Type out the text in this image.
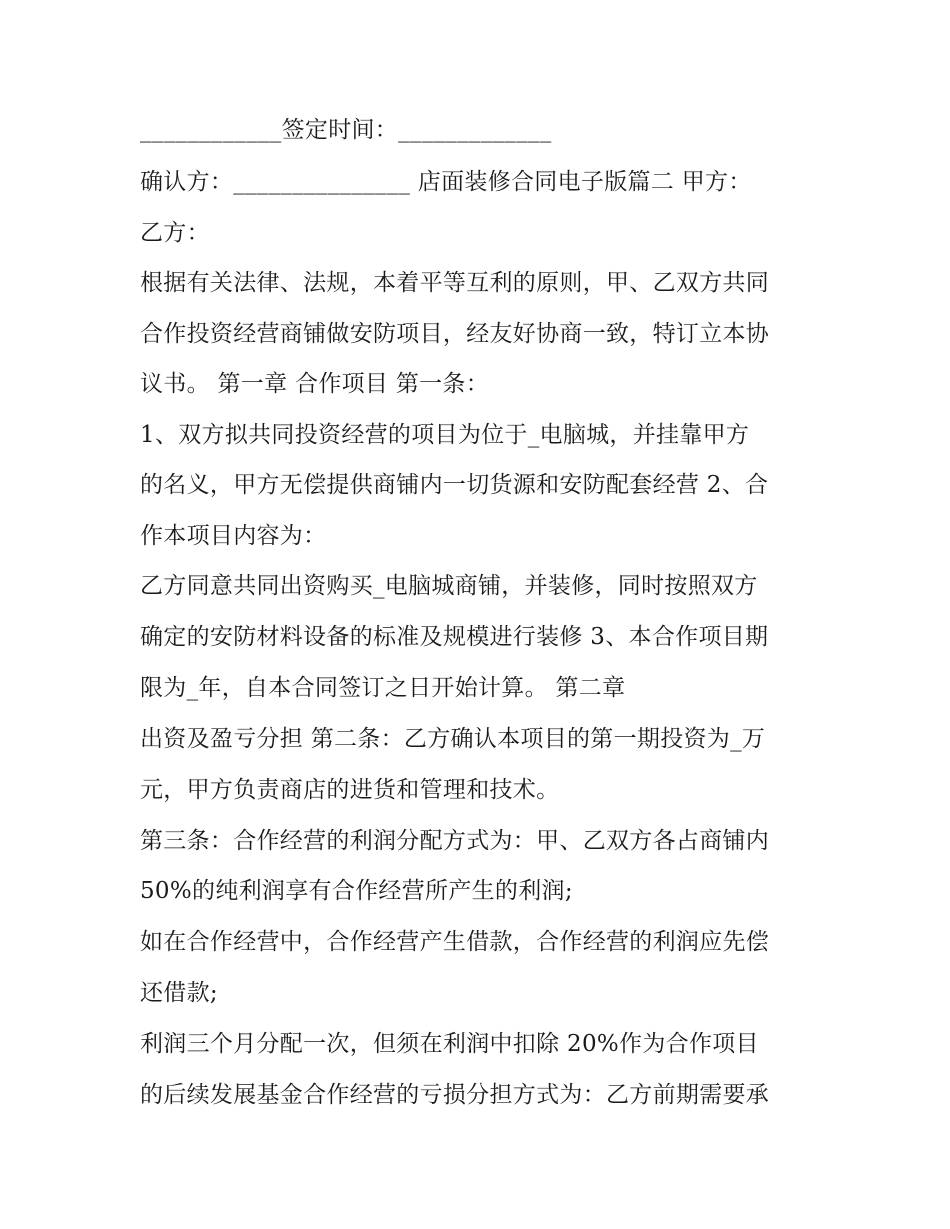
____________签定时间：_____________
确认方：_______________ 店面装修合同电子版篇二 甲方：
乙方：
根据有关法律、法规，本着平等互利的原则，甲、乙双方共同
合作投资经营商铺做安防项目，经友好协商一致，特订立本协
议书。 第一章 合作项目 第一条：
1、双方拟共同投资经营的项目为位于_电脑城，并挂靠甲方
的名义，甲方无偿提供商铺内一切货源和安防配套经营 2、合
作本项目内容为：
乙方同意共同出资购买_电脑城商铺，并装修，同时按照双方
确定的安防材料设备的标准及规模进行装修 3、本合作项目期
限为_年，自本合同签订之日开始计算。 第二章
出资及盈亏分担 第二条：乙方确认本项目的第一期投资为_万
元，甲方负责商店的进货和管理和技术。
第三条：合作经营的利润分配方式为：甲、乙双方各占商铺内
50%的纯利润享有合作经营所产生的利润;
如在合作经营中，合作经营产生借款，合作经营的利润应先偿
还借款;
利润三个月分配一次，但须在利润中扣除 20%作为合作项目
的后续发展基金合作经营的亏损分担方式为：乙方前期需要承
